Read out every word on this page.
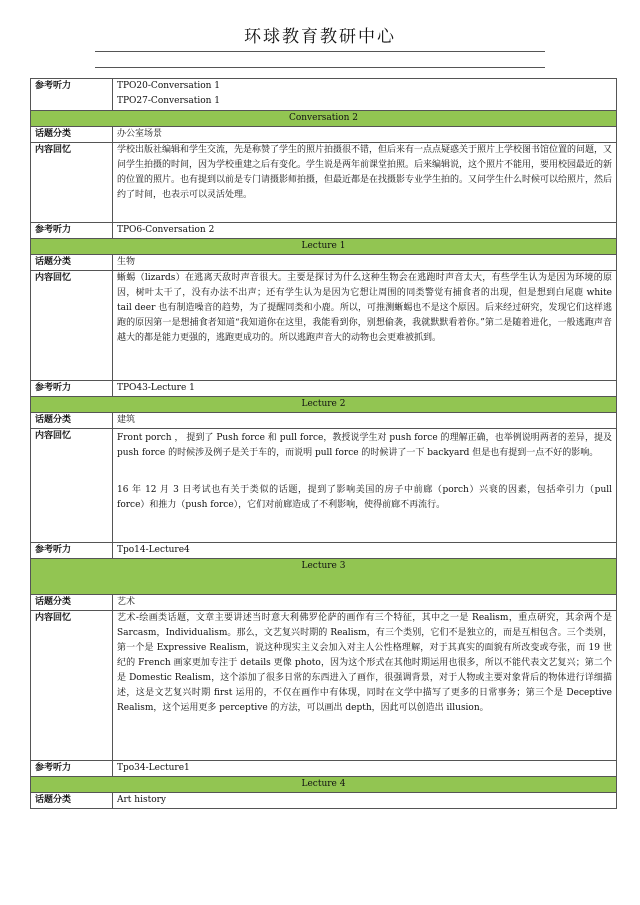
环球教育教研中心
参考听力	TPO20-Conversation 1

TPO27-Conversation 1

Conversation 2	
话题分类	办公室场景
内容回忆	学校出版社编辑和学生交流，先是称赞了学生的照片拍摄很不错，但后来有一点点疑惑关于照片上学校图书馆位置的问题，又问学生拍摄的时间，因为学校重建之后有变化。学生说是两年前课堂拍照。后来编辑说，这个照片不能用，要用校园最近的新的位置的照片。也有提到以前是专门请摄影师拍摄，但最近都是在找摄影专业学生拍的。又问学生什么时候可以给照片，然后约了时间，也表示可以灵活处理。
参考听力	TPO6-Conversation 2
Lecture 1	
话题分类	生物
内容回忆	蜥蜴（lizards）在逃离天敌时声音很大。主要是探讨为什么这种生物会在逃跑时声音太大，有些学生认为是因为环境的原因，树叶太干了，没有办法不出声；还有学生认为是因为它想让周围的同类警觉有捕食者的出现，但是想到白尾鹿 white tail deer 也有制造噪音的趋势，为了提醒同类和小鹿。所以，可推测蜥蜴也不是这个原因。后来经过研究，发现它们这样逃跑的原因第一是想捕食者知道“我知道你在这里，我能看到你，别想偷袭，我就默默看着你。”第二是随着进化，一般逃跑声音越大的都是能力更强的，逃跑更成功的。所以逃跑声音大的动物也会更难被抓到。
参考听力	TPO43-Lecture 1
Lecture 2	
话题分类	建筑
内容回忆	Front porch ， 提到了 Push force 和 pull force，教授说学生对 push force 的理解正确，也举例说明两者的差异，提及 push force 的时候涉及例子是关于车的，而说明 pull force 的时候讲了一下 backyard 但是也有提到一点不好的影响。

16 年 12 月 3 日考试也有关于类似的话题，提到了影响美国的房子中前廊（porch）兴衰的因素，包括牵引力（pull force）和推力（push force），它们对前廊造成了不利影响，使得前廊不再流行。

参考听力	Tpo14-Lecture4
Lecture 3	
话题分类	艺术
内容回忆	艺术-绘画类话题，文章主要讲述当时意大利佛罗伦萨的画作有三个特征，其中之一是 Realism，重点研究，其余两个是 Sarcasm，Individualism。那么，文艺复兴时期的 Realism，有三个类别，它们不是独立的，而是互相包含。三个类别，第一个是 Expressive Realism，说这种现实主义会加入对主人公性格理解，对于其真实的面貌有所改变或夸张，而 19 世纪的 French 画家更加专注于 details 更像 photo，因为这个形式在其他时期运用也很多，所以不能代表文艺复兴；第二个是 Domestic Realism，这个添加了很多日常的东西进入了画作，很强调背景，对于人物或主要对象背后的物体进行详细描述，这是文艺复兴时期 first 运用的，不仅在画作中有体现，同时在文学中描写了更多的日常事务；第三个是 Deceptive Realism，这个运用更多 perceptive 的方法，可以画出 depth，因此可以创造出 illusion。
参考听力	Tpo34-Lecture1
Lecture 4	
话题分类	Art history
